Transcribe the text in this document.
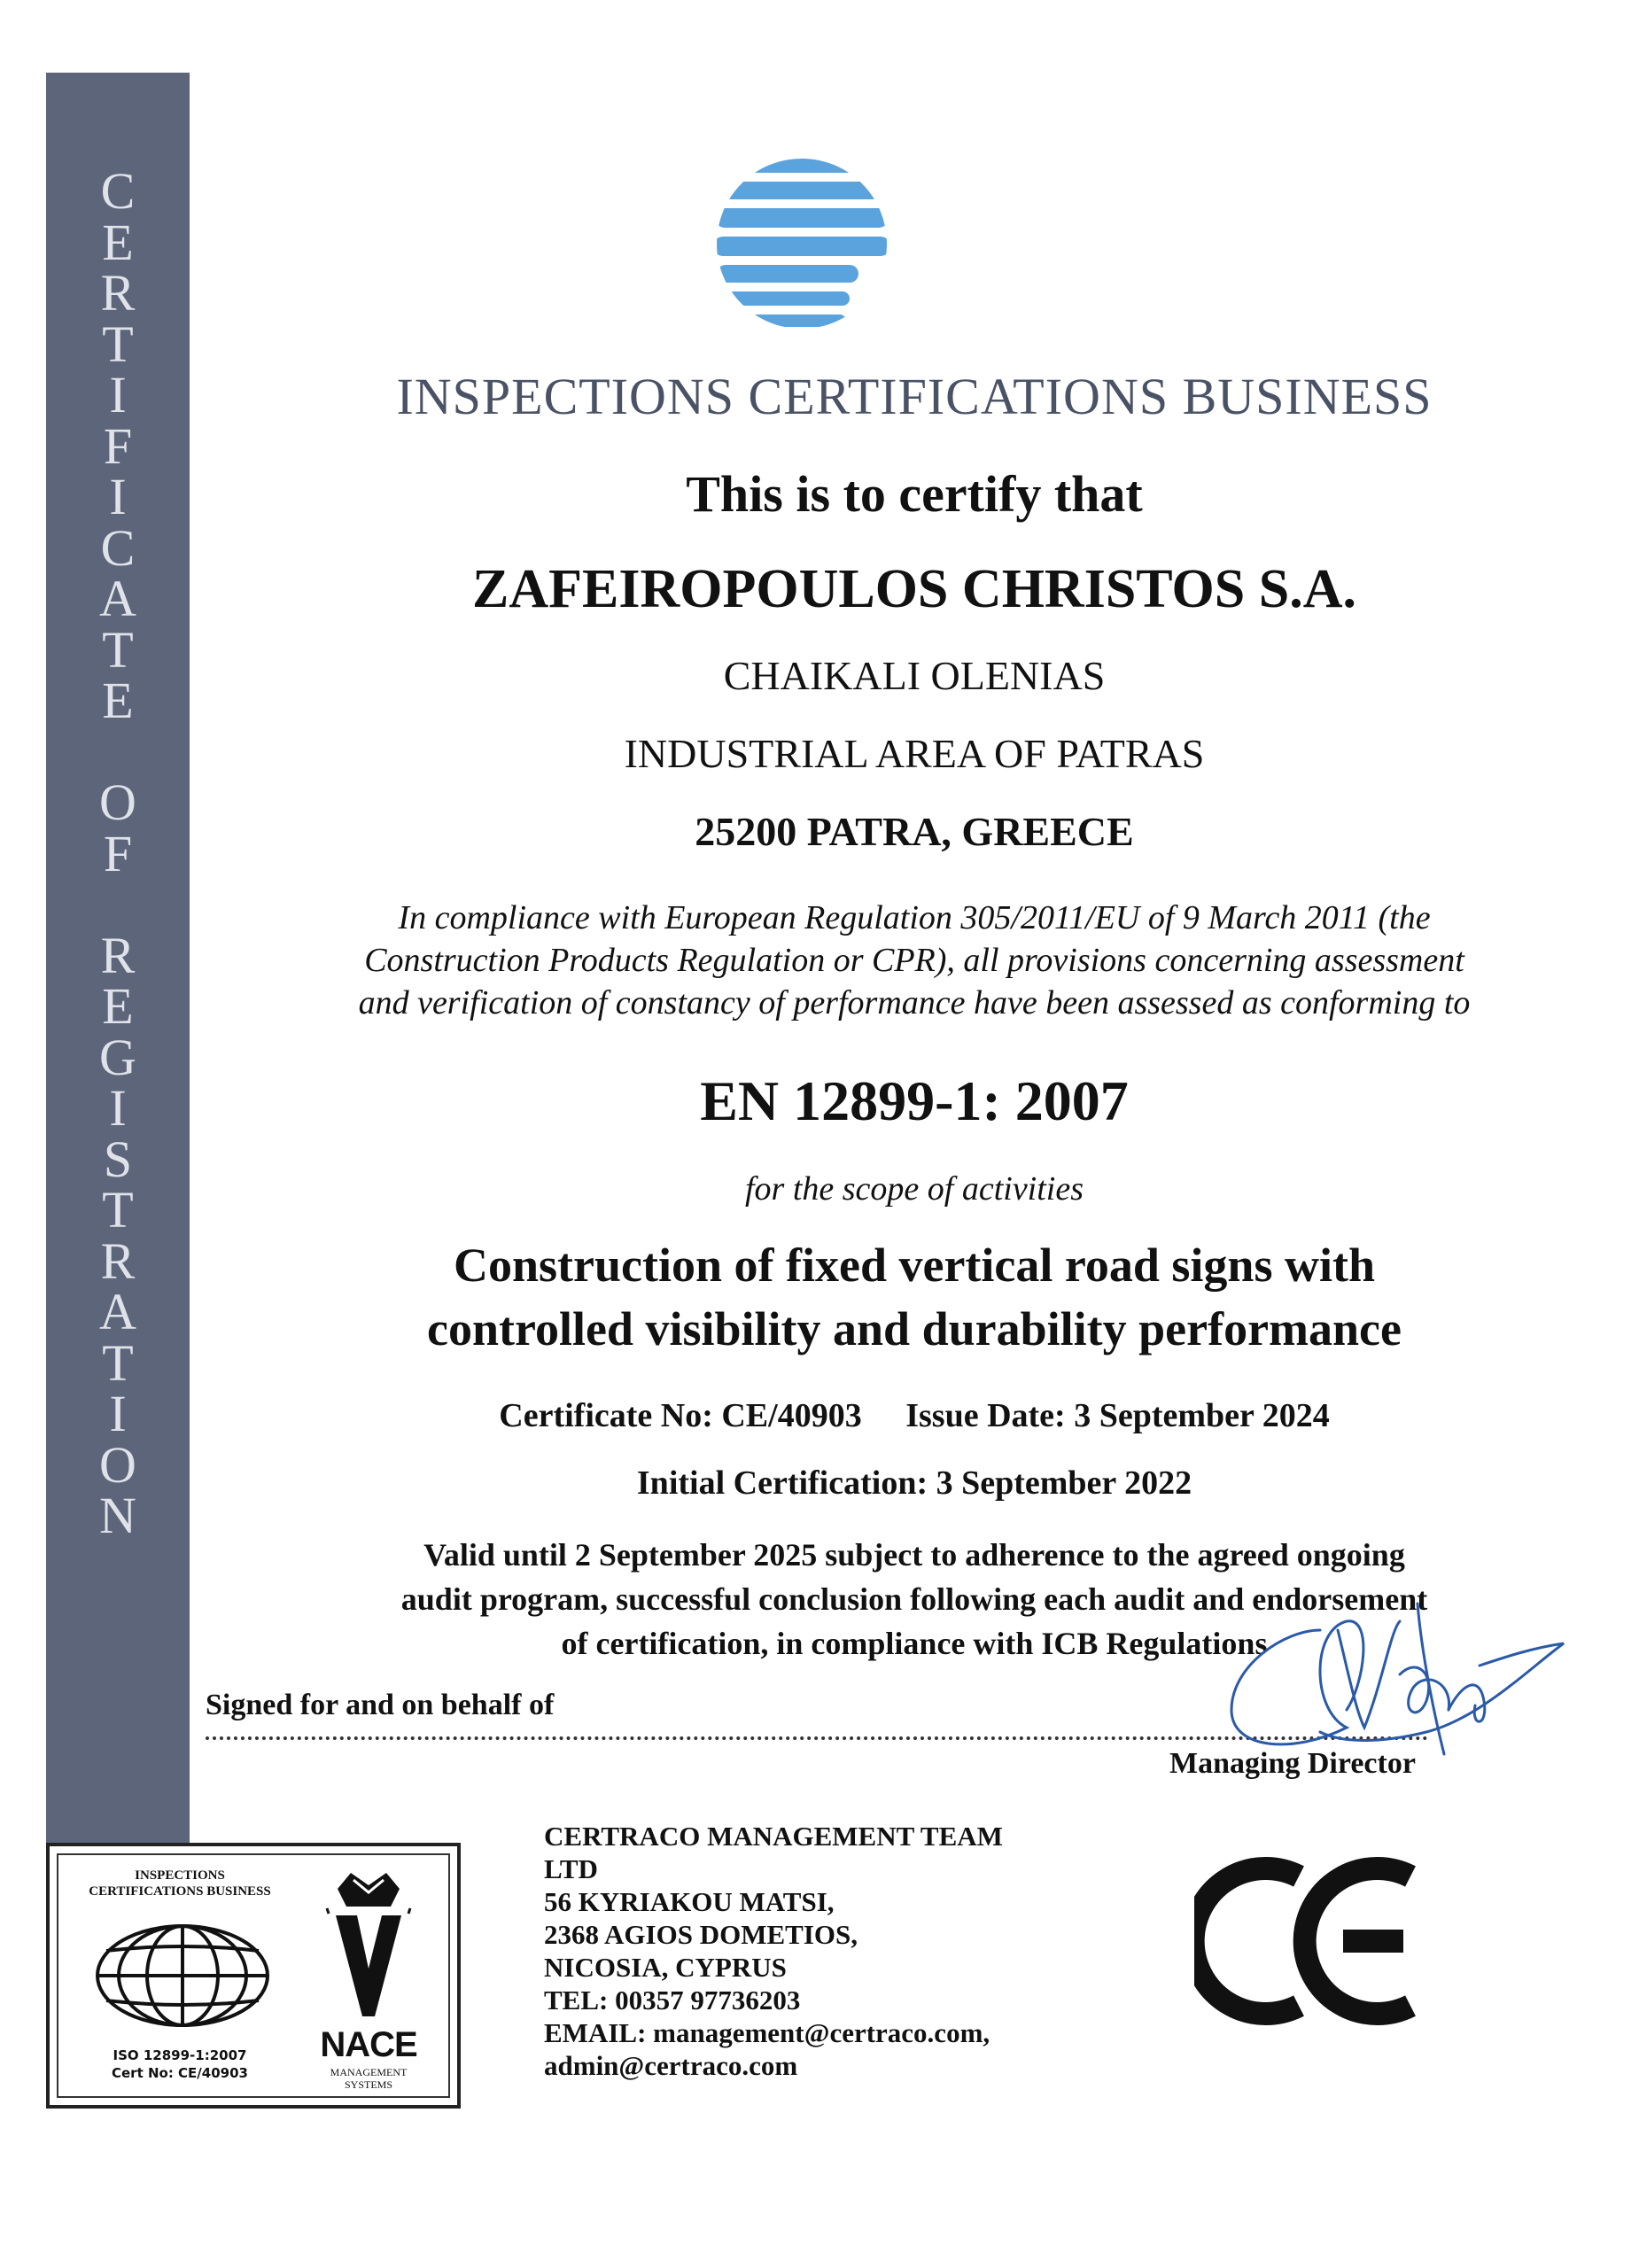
C
E
R
T
I
F
I
C
A
T
E
O
F
R
E
G
I
S
T
R
A
T
I
O
N
INSPECTIONS CERTIFICATIONS BUSINESS
This is to certify that
ZAFEIROPOULOS CHRISTOS S.A.
CHAIKALI OLENIAS
INDUSTRIAL AREA OF PATRAS
25200 PATRA, GREECE
In compliance with European Regulation 305/2011/EU of 9 March 2011 (the
Construction Products Regulation or CPR), all provisions concerning assessment
and verification of constancy of performance have been assessed as conforming to
EN 12899-1: 2007
for the scope of activities
Construction of fixed vertical road signs with
controlled visibility and durability performance
Certificate No: CE/40903 Issue Date: 3 September 2024
Initial Certification: 3 September 2022
Valid until 2 September 2025 subject to adherence to the agreed ongoing
audit program, successful conclusion following each audit and endorsement
of certification, in compliance with ICB Regulations
Signed for and on behalf of
Managing Director
INSPECTIONS
CERTIFICATIONS BUSINESS
ISO 12899-1:2007
Cert No: CE/40903
NACE
MANAGEMENT
SYSTEMS
CERTRACO MANAGEMENT TEAM
LTD
56 KYRIAKOU MATSI,
2368 AGIOS DOMETIOS,
NICOSIA, CYPRUS
TEL: 00357 97736203
EMAIL: management@certraco.com,
admin@certraco.com
